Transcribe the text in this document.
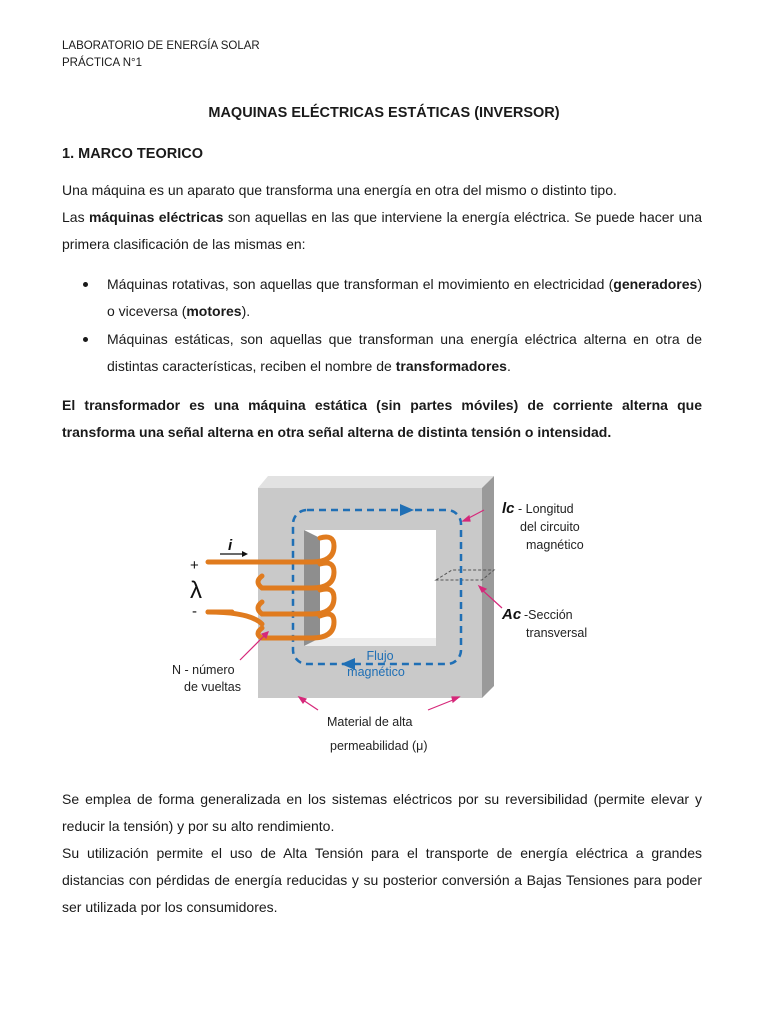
LABORATORIO DE ENERGÍA SOLAR
PRÁCTICA N°1
MAQUINAS ELÉCTRICAS ESTÁTICAS (INVERSOR)
1. MARCO TEORICO
Una máquina es un aparato que transforma una energía en otra del mismo o distinto tipo.
Las máquinas eléctricas son aquellas en las que interviene la energía eléctrica. Se puede hacer una primera clasificación de las mismas en:
Máquinas rotativas, son aquellas que transforman el movimiento en electricidad (generadores) o viceversa (motores).
Máquinas estáticas, son aquellas que transforman una energía eléctrica alterna en otra de distintas características, reciben el nombre de transformadores.
El transformador es una máquina estática (sin partes móviles) de corriente alterna que transforma una señal alterna en otra señal alterna de distinta tensión o intensidad.
i
+
λ
-
lc - Longitud
del circuito
magnético
Ac -Sección
transversal
N - número
de vueltas
Flujo
magnético
Material de alta
permeabilidad (μ)
Se emplea de forma generalizada en los sistemas eléctricos por su reversibilidad (permite elevar y reducir la tensión) y por su alto rendimiento.
Su utilización permite el uso de Alta Tensión para el transporte de energía eléctrica a grandes distancias con pérdidas de energía reducidas y su posterior conversión a Bajas Tensiones para poder ser utilizada por los consumidores.
